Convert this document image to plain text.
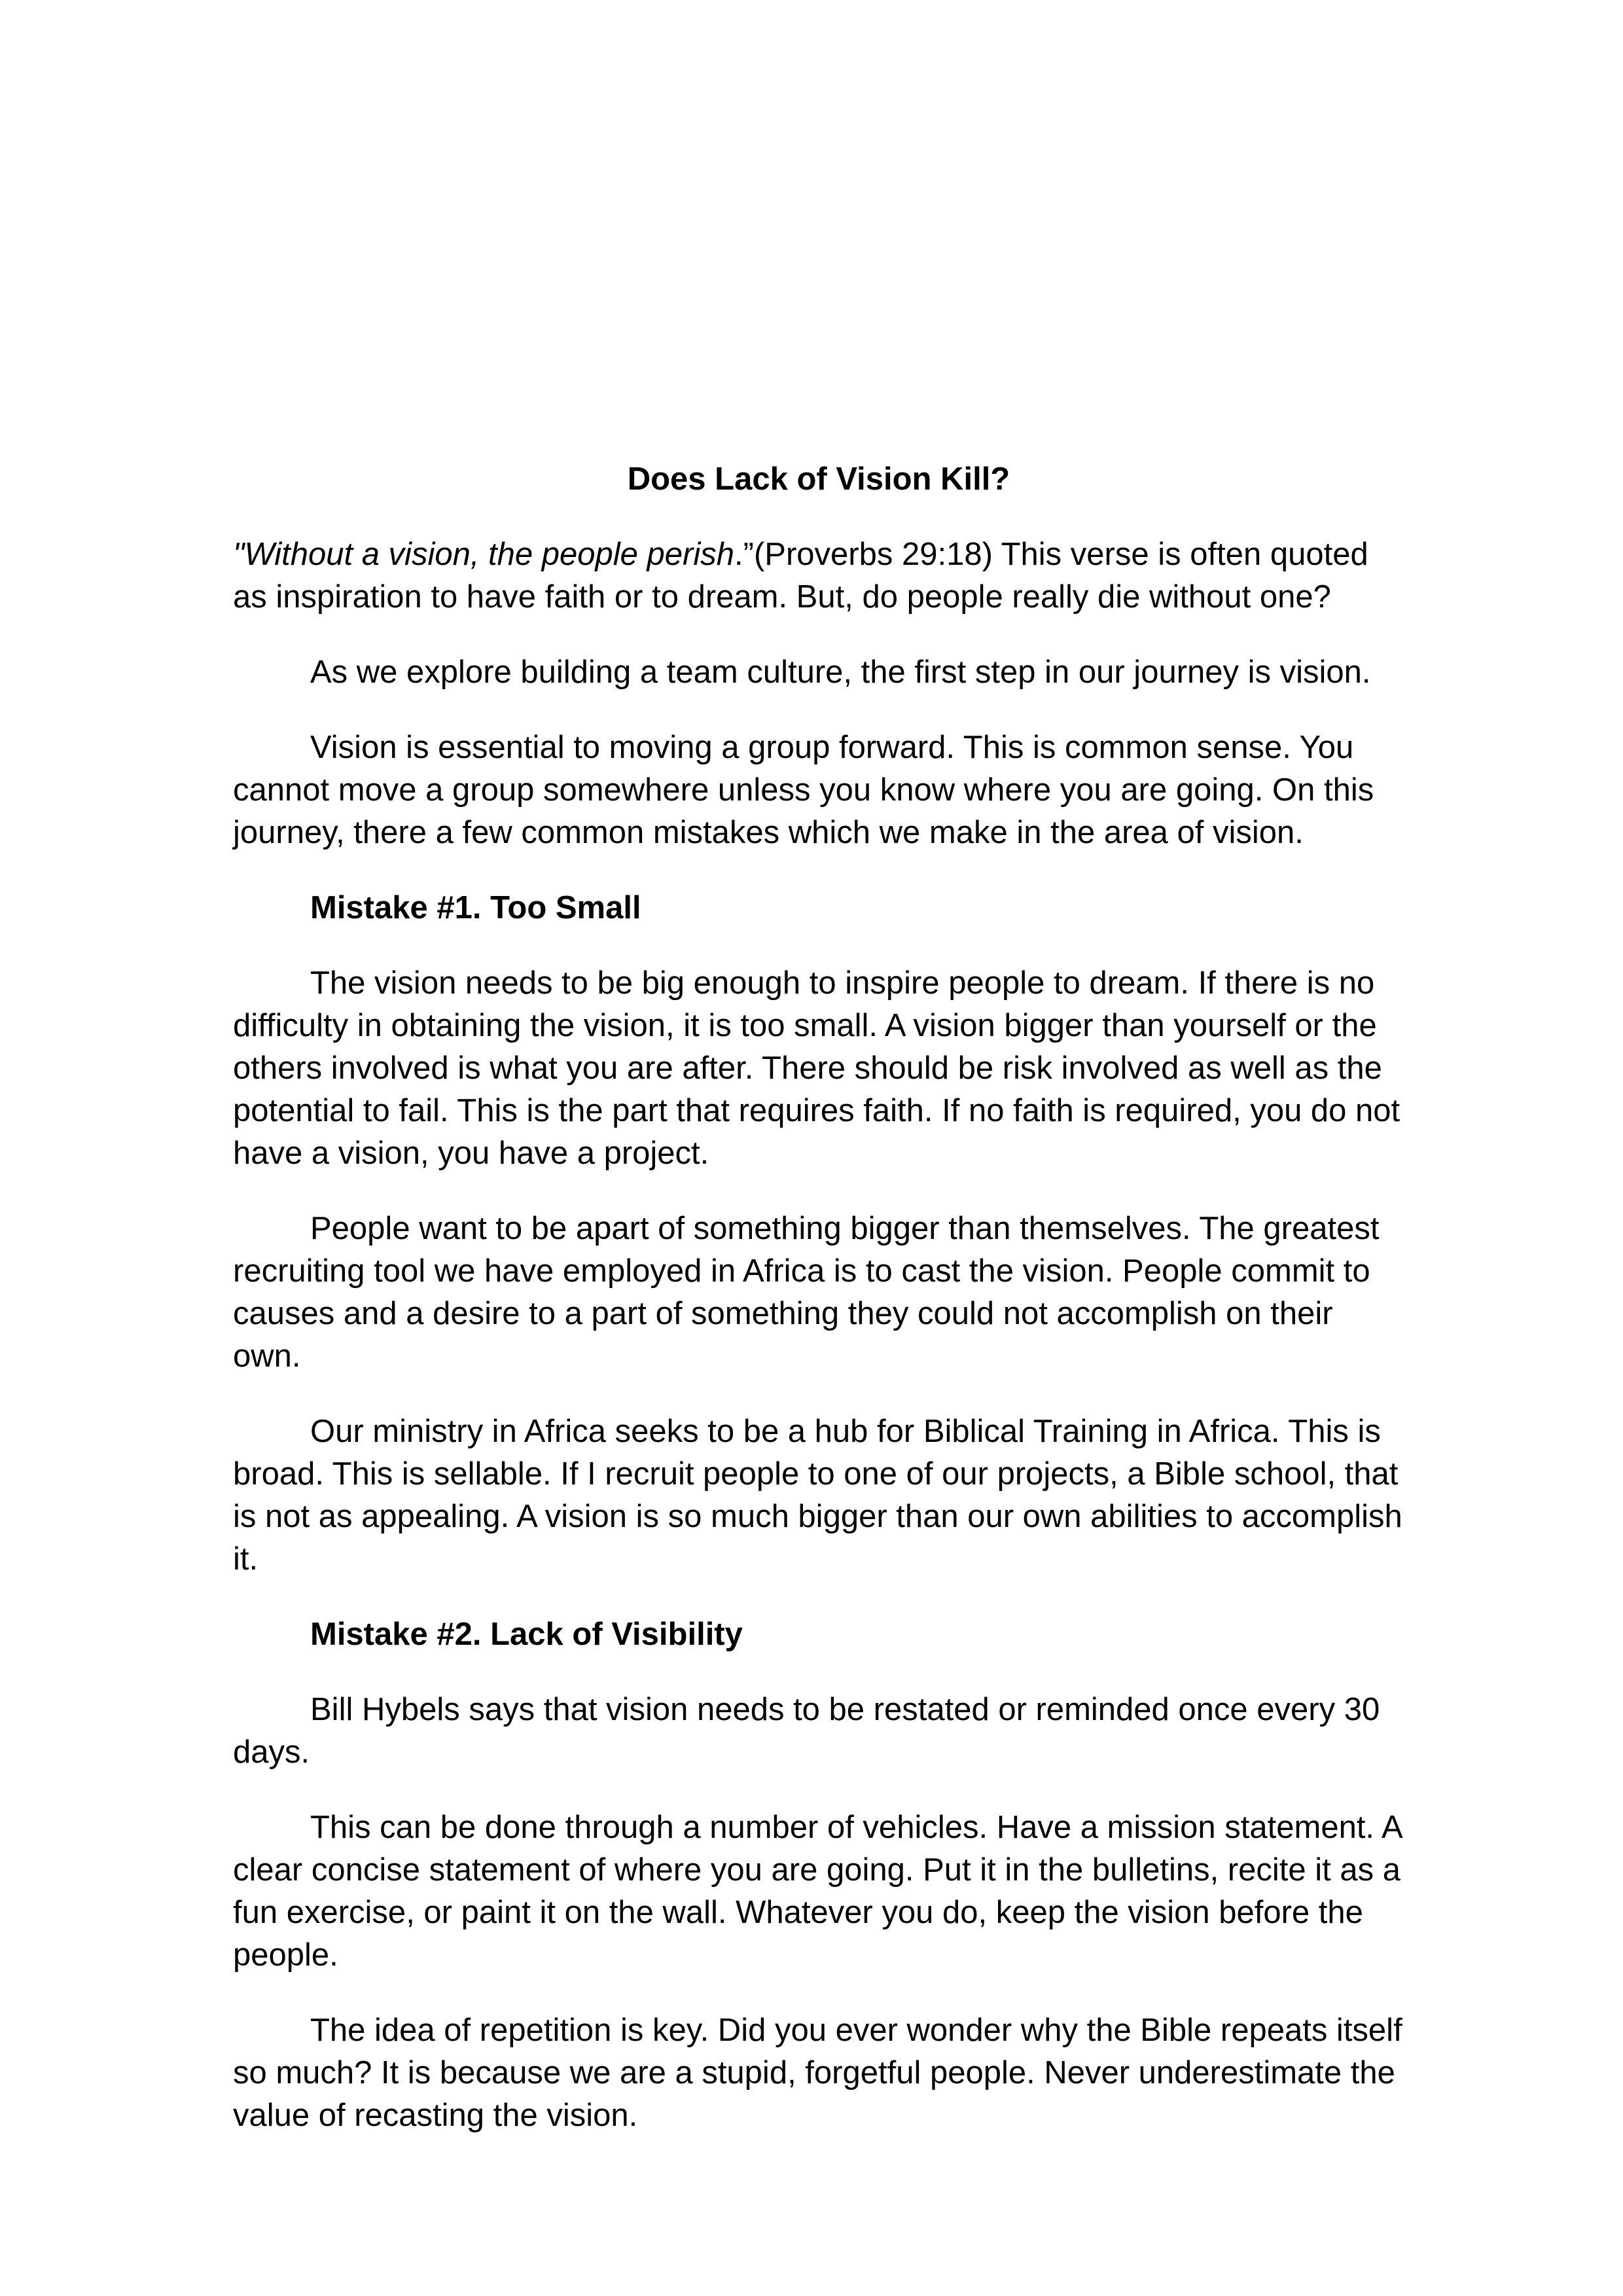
Does Lack of Vision Kill?

"Without a vision, the people perish.”(Proverbs 29:18) This verse is often quoted as inspiration to have faith or to dream. But, do people really die without one?

As we explore building a team culture, the first step in our journey is vision.

Vision is essential to moving a group forward. This is common sense. You cannot move a group somewhere unless you know where you are going. On this journey, there a few common mistakes which we make in the area of vision.

Mistake #1. Too Small

The vision needs to be big enough to inspire people to dream. If there is no difficulty in obtaining the vision, it is too small. A vision bigger than yourself or the others involved is what you are after. There should be risk involved as well as the potential to fail. This is the part that requires faith. If no faith is required, you do not have a vision, you have a project.

People want to be apart of something bigger than themselves. The greatest recruiting tool we have employed in Africa is to cast the vision. People commit to causes and a desire to a part of something they could not accomplish on their own.

Our ministry in Africa seeks to be a hub for Biblical Training in Africa. This is broad. This is sellable. If I recruit people to one of our projects, a Bible school, that is not as appealing. A vision is so much bigger than our own abilities to accomplish it.

Mistake #2. Lack of Visibility

Bill Hybels says that vision needs to be restated or reminded once every 30 days.

This can be done through a number of vehicles. Have a mission statement. A clear concise statement of where you are going. Put it in the bulletins, recite it as a fun exercise, or paint it on the wall. Whatever you do, keep the vision before the people.

The idea of repetition is key. Did you ever wonder why the Bible repeats itself so much? It is because we are a stupid, forgetful people. Never underestimate the value of recasting the vision.
